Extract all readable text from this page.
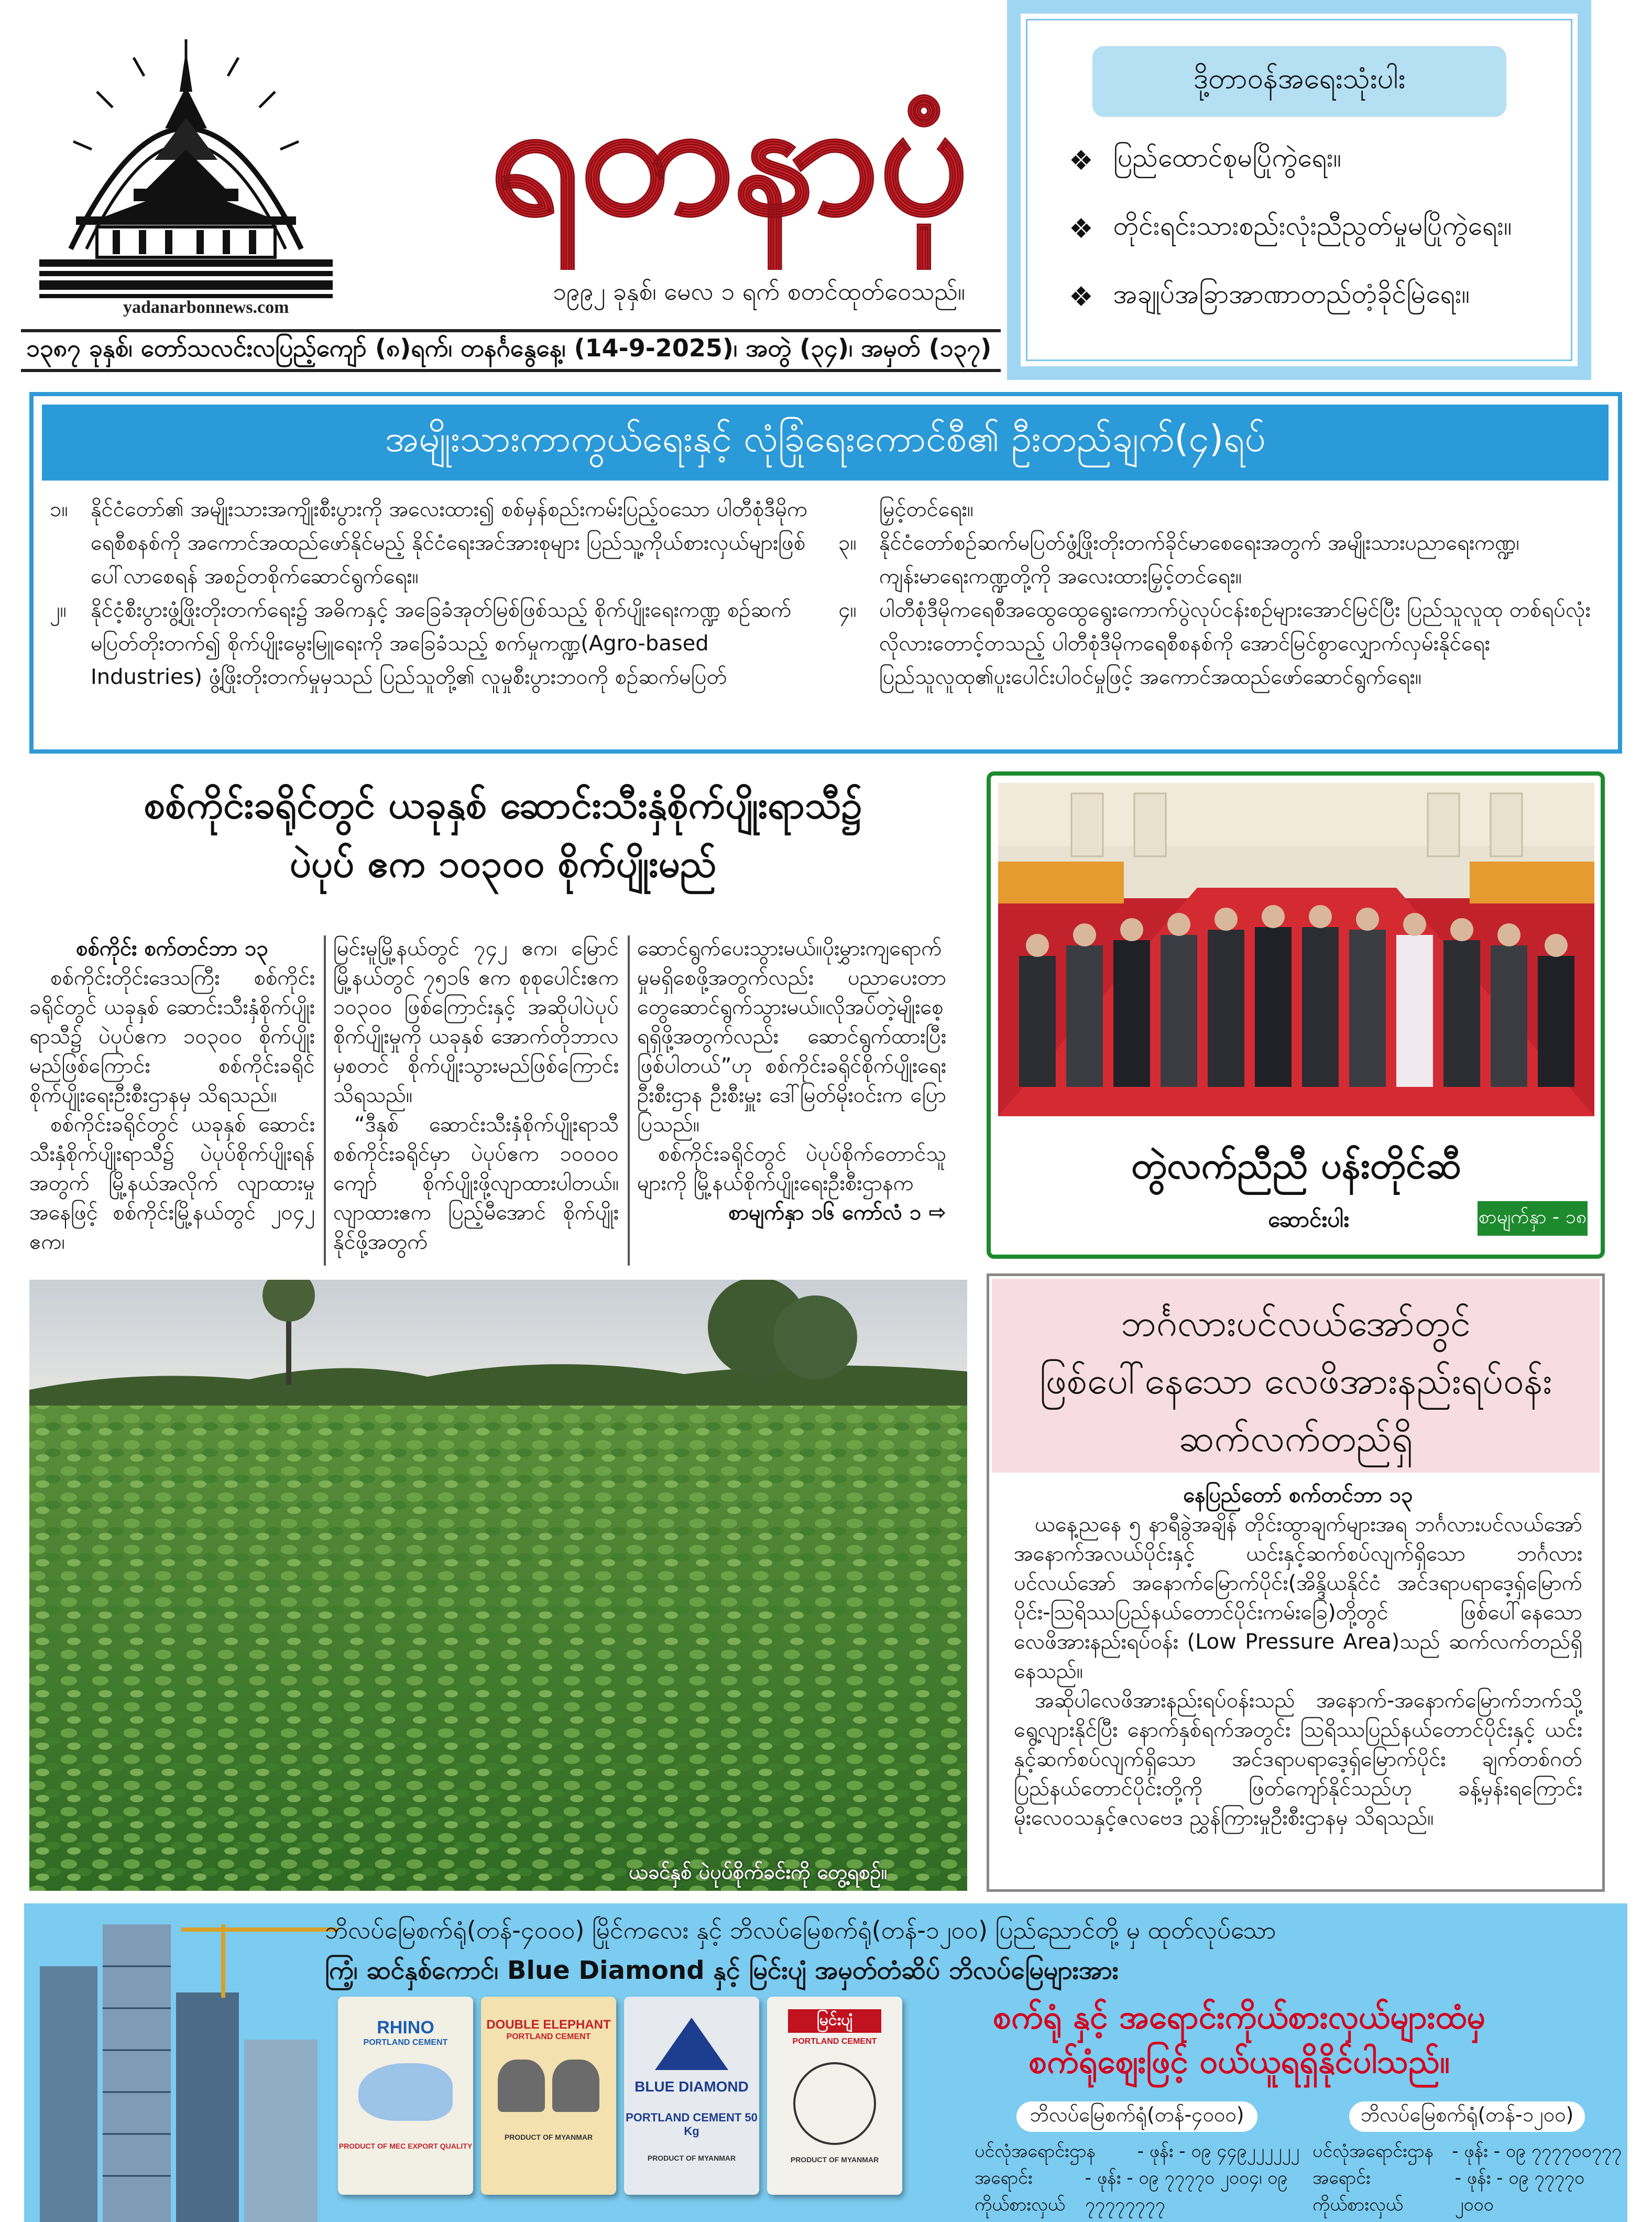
yadanarbonnews.com
ရတနာပုံ
၁၉၉၂ ခုနှစ်၊ မေလ ၁ ရက် စတင်ထုတ်ဝေသည်။
ဒို့တာဝန်အရေးသုံးပါး
❖ ပြည်ထောင်စုမပြိုကွဲရေး။
❖ တိုင်းရင်းသားစည်းလုံးညီညွတ်မှုမပြိုကွဲရေး။
❖ အချုပ်အခြာအာဏာတည်တံ့ခိုင်မြဲရေး။
၁၃၈၇ ခုနှစ်၊ တော်သလင်းလပြည့်ကျော် (၈)ရက်၊ တနင်္ဂနွေနေ့၊ (14-9-2025)၊ အတွဲ (၃၄)၊ အမှတ် (၁၃၇)
အမျိုးသားကာကွယ်ရေးနှင့် လုံခြုံရေးကောင်စီ၏ ဦးတည်ချက်(၄)ရပ်
၁။	နိုင်ငံတော်၏ အမျိုးသားအကျိုးစီးပွားကို အလေးထား၍ စစ်မှန်စည်းကမ်းပြည့်ဝသော ပါတီစုံဒီမိုကရေစီစနစ်ကို အကောင်အထည်ဖော်နိုင်မည့် နိုင်ငံရေးအင်အားစုများ ပြည်သူ့ကိုယ်စားလှယ်များဖြစ်ပေါ်လာစေရန် အစဉ်တစိုက်ဆောင်ရွက်ရေး။
၂။	နိုင်ငံ့စီးပွားဖွံ့ဖြိုးတိုးတက်ရေး၌ အဓိကနှင့် အခြေခံအုတ်မြစ်ဖြစ်သည့် စိုက်ပျိုးရေးကဏ္ဍ စဉ်ဆက်မပြတ်တိုးတက်၍ စိုက်ပျိုးမွေးမြူရေးကို အခြေခံသည့် စက်မှုကဏ္ဍ(Agro-based Industries) ဖွံ့ဖြိုးတိုးတက်မှုမှသည် ပြည်သူတို့၏ လူမှုစီးပွားဘဝကို စဉ်ဆက်မပြတ်
မြှင့်တင်ရေး။
၃။	နိုင်ငံတော်စဉ်ဆက်မပြတ်ဖွံ့ဖြိုးတိုးတက်ခိုင်မာစေရေးအတွက် အမျိုးသားပညာရေးကဏ္ဍ၊ ကျန်းမာရေးကဏ္ဍတို့ကို အလေးထားမြှင့်တင်ရေး။
၄။	ပါတီစုံဒီမိုကရေစီအထွေထွေရွေးကောက်ပွဲလုပ်ငန်းစဉ်များအောင်မြင်ပြီး ပြည်သူလူထု တစ်ရပ်လုံး လိုလားတောင့်တသည့် ပါတီစုံဒီမိုကရေစီစနစ်ကို အောင်မြင်စွာလျှောက်လှမ်းနိုင်ရေး ပြည်သူလူထု၏ပူးပေါင်းပါဝင်မှုဖြင့် အကောင်အထည်ဖော်ဆောင်ရွက်ရေး။
စစ်ကိုင်းခရိုင်တွင် ယခုနှစ် ဆောင်းသီးနှံစိုက်ပျိုးရာသီ၌
ပဲပုပ် ဧက ၁၀၃၀၀ စိုက်ပျိုးမည်

စစ်ကိုင်း စက်တင်ဘာ ၁၃

စစ်ကိုင်းတိုင်းဒေသကြီး စစ်ကိုင်းခရိုင်တွင် ယခုနှစ် ဆောင်းသီးနှံစိုက်ပျိုးရာသီ၌ ပဲပုပ်ဧက ၁၀၃၀၀ စိုက်ပျိုးမည်ဖြစ်ကြောင်း စစ်ကိုင်းခရိုင် စိုက်ပျိုးရေးဦးစီးဌာနမှ သိရသည်။

စစ်ကိုင်းခရိုင်တွင် ယခုနှစ် ဆောင်းသီးနှံစိုက်ပျိုးရာသီ၌ ပဲပုပ်စိုက်ပျိုးရန်အတွက် မြို့နယ်အလိုက် လျာထားမှုအနေဖြင့် စစ်ကိုင်းမြို့နယ်တွင် ၂၀၄၂ ဧက၊

မြင်းမူမြို့နယ်တွင် ၇၄၂ ဧက၊ မြောင်မြို့နယ်တွင် ၇၅၁၆ ဧက စုစုပေါင်းဧက ၁၀၃၀၀ ဖြစ်ကြောင်းနှင့် အဆိုပါပဲပုပ်စိုက်ပျိုးမှုကို ယခုနှစ် အောက်တိုဘာလမှစတင် စိုက်ပျိုးသွားမည်ဖြစ်ကြောင်း သိရသည်။

“ဒီနှစ် ဆောင်းသီးနှံစိုက်ပျိုးရာသီ စစ်ကိုင်းခရိုင်မှာ ပဲပုပ်ဧက ၁၀၀၀၀ ကျော် စိုက်ပျိုးဖို့လျာထားပါတယ်။ လျာထားဧက ပြည့်မီအောင် စိုက်ပျိုးနိုင်ဖို့အတွက်

ဆောင်ရွက်ပေးသွားမယ်။ပိုးမွှားကျရောက်မှုမရှိစေဖို့အတွက်လည်း ပညာပေးတာတွေဆောင်ရွက်သွားမယ်။လိုအပ်တဲ့မျိုးစေ့ရရှိဖို့အတွက်လည်း ဆောင်ရွက်ထားပြီးဖြစ်ပါတယ်”ဟု စစ်ကိုင်းခရိုင်စိုက်ပျိုးရေးဦးစီးဌာန ဦးစီးမှူး ဒေါ်မြတ်မိုးဝင်းက ပြောပြသည်။

စစ်ကိုင်းခရိုင်တွင် ပဲပုပ်စိုက်တောင်သူများကို မြို့နယ်စိုက်ပျိုးရေးဦးစီးဌာနက

စာမျက်နှာ ၁၆ ကော်လံ ၁ ⇨

ယခင်နှစ် ပဲပုပ်စိုက်ခင်းကို တွေ့ရစဉ်။
တွဲလက်ညီညီ ပန်းတိုင်ဆီ
ဆောင်းပါး	စာမျက်နှာ - ၁၈
ဘင်္ဂလားပင်လယ်အော်တွင်
ဖြစ်ပေါ်နေသော လေဖိအားနည်းရပ်ဝန်း
ဆက်လက်တည်ရှိ

နေပြည်တော် စက်တင်ဘာ ၁၃

ယနေ့ညနေ ၅ နာရီခွဲအချိန် တိုင်းထွာချက်များအရ ဘင်္ဂလားပင်လယ်အော် အနောက်အလယ်ပိုင်းနှင့် ယင်းနှင့်ဆက်စပ်လျက်ရှိသော ဘင်္ဂလားပင်လယ်အော် အနောက်မြောက်ပိုင်း(အိန္ဒိယနိုင်ငံ အင်ဒရာပရာဒေ့ရှ်မြောက်ပိုင်း-ဩရိဿပြည်နယ်တောင်ပိုင်းကမ်းခြေ)တို့တွင် ဖြစ်ပေါ်နေသော လေဖိအားနည်းရပ်ဝန်း (Low Pressure Area)သည် ဆက်လက်တည်ရှိနေသည်။

အဆိုပါလေဖိအားနည်းရပ်ဝန်းသည် အနောက်-အနောက်မြောက်ဘက်သို့ ရွေ့လျားနိုင်ပြီး နောက်နှစ်ရက်အတွင်း ဩရိဿပြည်နယ်တောင်ပိုင်းနှင့် ယင်းနှင့်ဆက်စပ်လျက်ရှိသော အင်ဒရာပရာဒေ့ရှ်မြောက်ပိုင်း ချက်တစ်ဂတ်ပြည်နယ်တောင်ပိုင်းတို့ကို ဖြတ်ကျော်နိုင်သည်ဟု ခန့်မှန်းရကြောင်း မိုးလေဝသနှင့်ဇလဗေဒ ညွှန်ကြားမှုဦးစီးဌာနမှ သိရသည်။

ဘိလပ်မြေစက်ရုံ(တန်-၄၀၀၀) မြိုင်ကလေး နှင့် ဘိလပ်မြေစက်ရုံ(တန်-၁၂၀၀) ပြည်ညောင်တို့ မှ ထုတ်လုပ်သော
ကြံ့၊ ဆင်နှစ်ကောင်၊ Blue Diamond နှင့် မြင်းပျံ အမှတ်တံဆိပ် ဘိလပ်မြေများအား
RHINO
PORTLAND CEMENT
PRODUCT OF MEC EXPORT QUALITY
DOUBLE ELEPHANT
PORTLAND CEMENT
PRODUCT OF MYANMAR
BLUE DIAMOND
PORTLAND CEMENT 50 Kg
PRODUCT OF MYANMAR
မြင်းပျံ
PORTLAND CEMENT
PRODUCT OF MYANMAR
စက်ရုံ နှင့် အရောင်းကိုယ်စားလှယ်များထံမှ
စက်ရုံဈေးဖြင့် ဝယ်ယူရရှိနိုင်ပါသည်။
ဘိလပ်မြေစက်ရုံ(တန်-၄၀၀၀)
ပင်လုံအရောင်းဌာန - ဖုန်း - ၀၉ ၄၄၉၂၂၂၂၂၂
အရောင်းကိုယ်စားလှယ်
- ဖုန်း - ၀၉ ၇၇၇၇၀ ၂၀၀၄၊ ၀၉ ၇၇၇၇၇၇၇၇
ဘိလပ်မြေစက်ရုံ(တန်-၁၂၀၀)
ပင်လုံအရောင်းဌာန - ဖုန်း - ၀၉ ၇၇၇၇၀၀၇၇၇
အရောင်းကိုယ်စားလှယ်
- ဖုန်း - ၀၉ ၇၇၇၇၀ ၂၀၀၀
